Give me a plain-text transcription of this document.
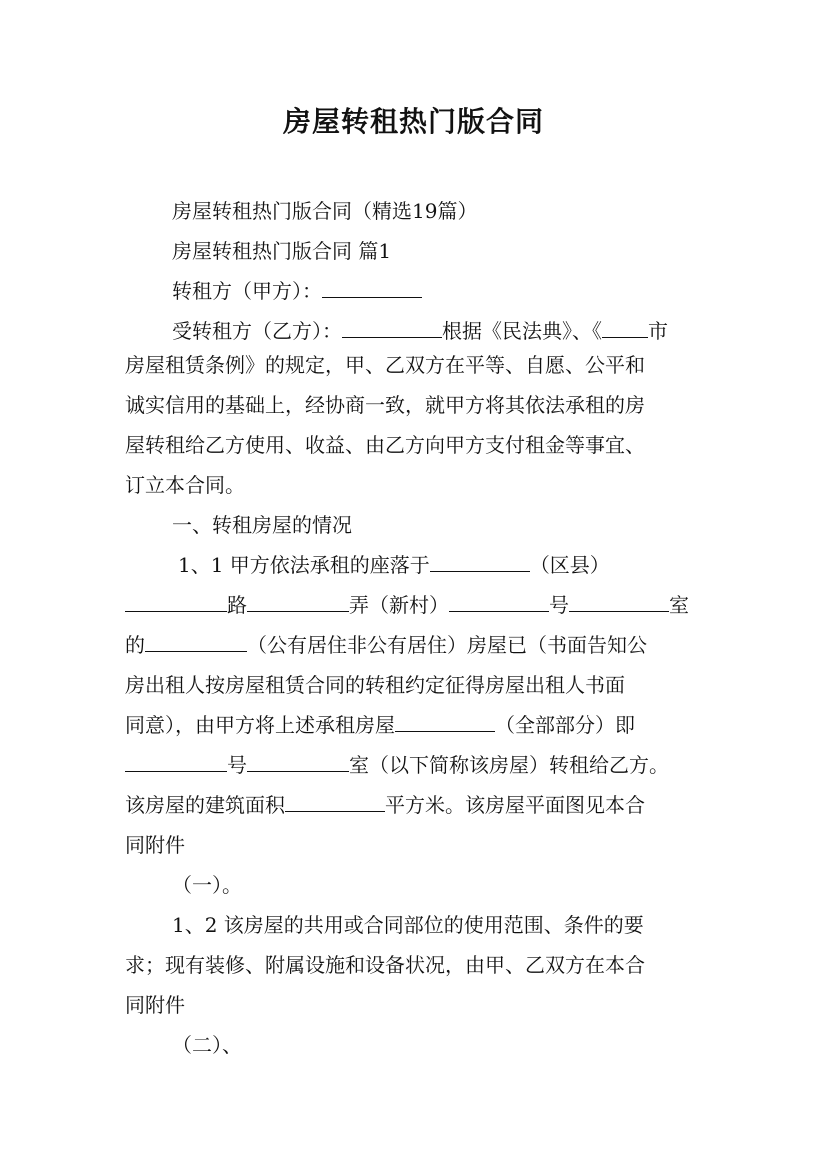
房屋转租热门版合同
房屋转租热门版合同（精选19篇）
房屋转租热门版合同 篇1
转租方（甲方）：
受转租方（乙方）：	根据《民法典》、《 市
房屋租赁条例》的规定，甲、乙双方在平等、自愿、公平和
诚实信用的基础上，经协商一致，就甲方将其依法承租的房
屋转租给乙方使用、收益、由乙方向甲方支付租金等事宜、
订立本合同。
一、转租房屋的情况
1、1 甲方依法承租的座落于	（区县）
路	弄（新村）	号	室
的	（公有居住非公有居住）房屋已（书面告知公
房出租人按房屋租赁合同的转租约定征得房屋出租人书面
同意），由甲方将上述承租房屋	（全部部分）即
号	室（以下简称该房屋）转租给乙方。
该房屋的建筑面积	平方米。该房屋平面图见本合
同附件
（一）。
1、2 该房屋的共用或合同部位的使用范围、条件的要
求；现有装修、附属设施和设备状况，由甲、乙双方在本合
同附件
（二）、
